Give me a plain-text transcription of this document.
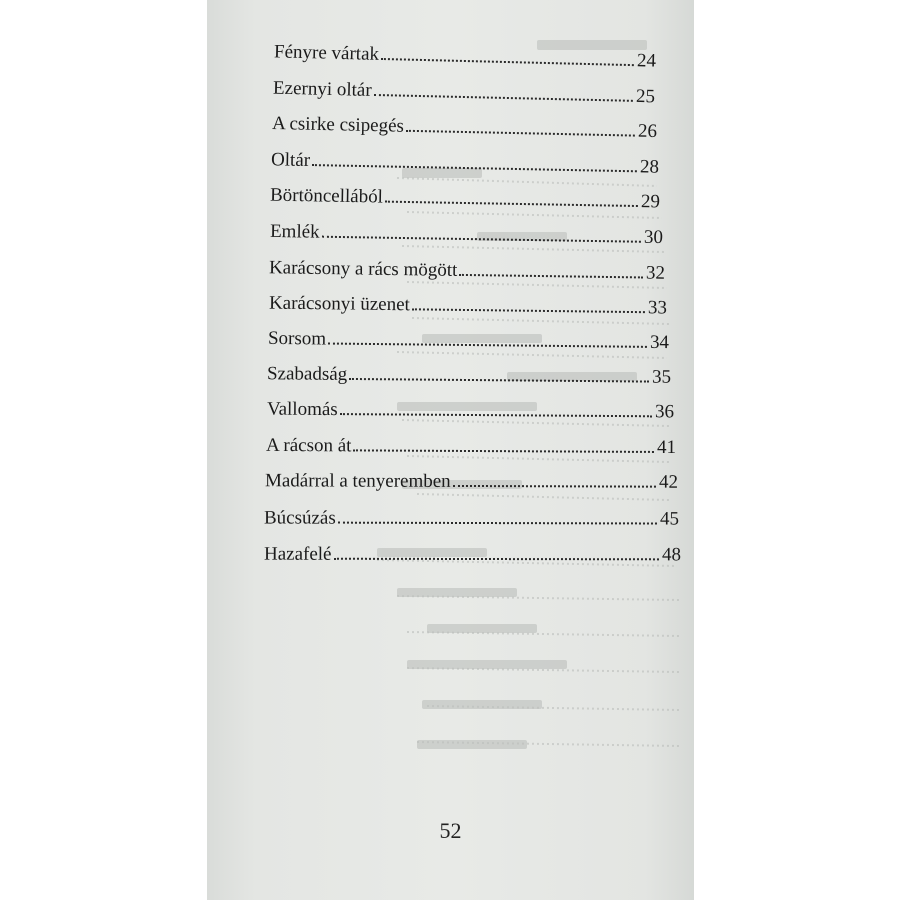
Fényre vártak	24
Ezernyi oltár	25
A csirke csipegés	26
Oltár	28
Börtöncellából	29
Emlék	30
Karácsony a rács mögött	32
Karácsonyi üzenet	33
Sorsom	34
Szabadság	35
Vallomás	36
A rácson át	41
Madárral a tenyeremben	42
Búcsúzás	45
Hazafelé	48
52
